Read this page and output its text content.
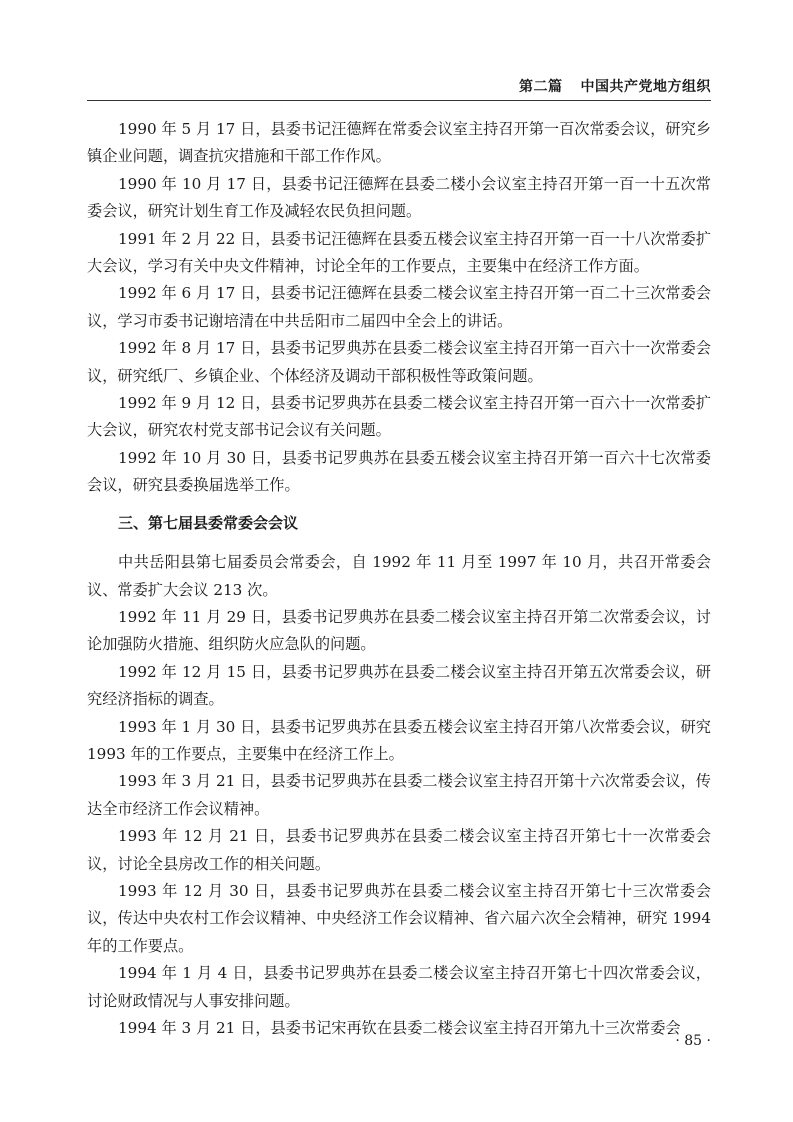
第二篇 中国共产党地方组织

1990 年 5 月 17 日，县委书记汪德辉在常委会议室主持召开第一百次常委会议，研究乡镇企业问题，调查抗灾措施和干部工作作风。

1990 年 10 月 17 日，县委书记汪德辉在县委二楼小会议室主持召开第一百一十五次常委会议，研究计划生育工作及减轻农民负担问题。

1991 年 2 月 22 日，县委书记汪德辉在县委五楼会议室主持召开第一百一十八次常委扩大会议，学习有关中央文件精神，讨论全年的工作要点，主要集中在经济工作方面。

1992 年 6 月 17 日，县委书记汪德辉在县委二楼会议室主持召开第一百二十三次常委会议，学习市委书记谢培清在中共岳阳市二届四中全会上的讲话。

1992 年 8 月 17 日，县委书记罗典苏在县委二楼会议室主持召开第一百六十一次常委会议，研究纸厂、乡镇企业、个体经济及调动干部积极性等政策问题。

1992 年 9 月 12 日，县委书记罗典苏在县委二楼会议室主持召开第一百六十一次常委扩大会议，研究农村党支部书记会议有关问题。

1992 年 10 月 30 日，县委书记罗典苏在县委五楼会议室主持召开第一百六十七次常委会议，研究县委换届选举工作。

三、第七届县委常委会会议

中共岳阳县第七届委员会常委会，自 1992 年 11 月至 1997 年 10 月，共召开常委会议、常委扩大会议 213 次。

1992 年 11 月 29 日，县委书记罗典苏在县委二楼会议室主持召开第二次常委会议，讨论加强防火措施、组织防火应急队的问题。

1992 年 12 月 15 日，县委书记罗典苏在县委二楼会议室主持召开第五次常委会议，研究经济指标的调查。

1993 年 1 月 30 日，县委书记罗典苏在县委五楼会议室主持召开第八次常委会议，研究 1993 年的工作要点，主要集中在经济工作上。

1993 年 3 月 21 日，县委书记罗典苏在县委二楼会议室主持召开第十六次常委会议，传达全市经济工作会议精神。

1993 年 12 月 21 日，县委书记罗典苏在县委二楼会议室主持召开第七十一次常委会议，讨论全县房改工作的相关问题。

1993 年 12 月 30 日，县委书记罗典苏在县委二楼会议室主持召开第七十三次常委会议，传达中央农村工作会议精神、中央经济工作会议精神、省六届六次全会精神，研究 1994 年的工作要点。

1994 年 1 月 4 日，县委书记罗典苏在县委二楼会议室主持召开第七十四次常委会议，讨论财政情况与人事安排问题。

1994 年 3 月 21 日，县委书记宋再钦在县委二楼会议室主持召开第九十三次常委会

· 85 ·
